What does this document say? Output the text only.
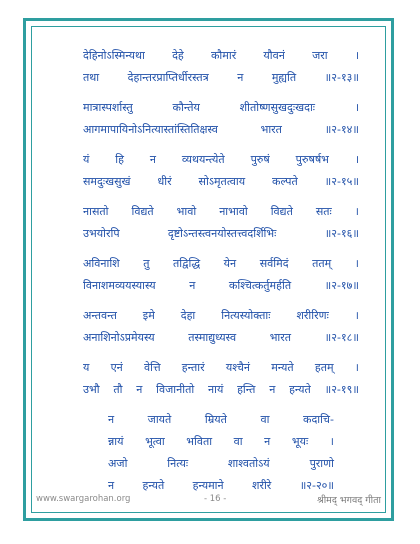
देहिनोऽस्मिन्यथा देहे कौमारं यौवनं जरा ।
तथा	देहान्तरप्राप्तिर्धीरस्तत्र	न	मुह्यति	॥२-१३॥
मात्रास्पर्शास्तु	कौन्तेय	शीतोष्णसुखदुःखदाः	।
आगमापायिनोऽनित्यास्तांस्तितिक्षस्व	भारत	॥२-१४॥
यं हि न व्यथयन्त्येते पुरुषं पुरुषर्षभ ।
समदुःखसुखं धीरं सोऽमृतत्वाय कल्पते ॥२-१५॥
नासतो विद्यते भावो नाभावो विद्यते सतः ।
उभयोरपि	दृष्टोऽन्तस्त्वनयोस्तत्त्वदर्शिभिः	॥२-१६॥
अविनाशि तु तद्विद्धि येन सर्वमिदं ततम् ।
विनाशमव्ययस्यास्य	न	कश्चित्कर्तुमर्हति	॥२-१७॥
अन्तवन्त इमे देहा नित्यस्योक्ताः शरीरिणः ।
अनाशिनोऽप्रमेयस्य	तस्माद्युध्यस्व	भारत	॥२-१८॥
य एनं वेत्ति हन्तारं यश्चैनं मन्यते हतम् ।
उभौ तौ न विजानीतो नायं हन्ति न हन्यते ॥२-१९॥
न	जायते	म्रियते	वा	कदाचि-
न्नायं भूत्वा भविता वा न भूयः ।
अजो	नित्यः	शाश्वतोऽयं	पुराणो
न	हन्यते	हन्यमाने	शरीरे	॥२-२०॥
www.swargarohan.org	- 16 -	श्रीमद् भगवद् गीता
